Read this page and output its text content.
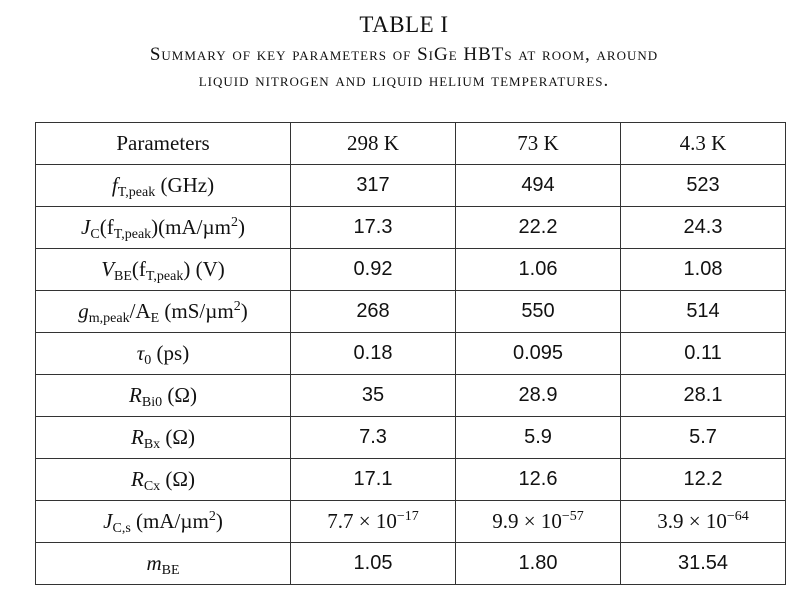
TABLE I
Summary of key parameters of SiGe HBTs at room, around
liquid nitrogen and liquid helium temperatures.
Parameters	298 K	73 K	4.3 K
$f_{T,peak}$ (GHz)	317	494	523
$J_C(f_{T,peak})(mA/\mu m^2)$	17.3	22.2	24.3
$V_{BE}(f_{T,peak})$ (V)	0.92	1.06	1.08
$g_{m,peak}/A_E$ (mS/µm$^2$)	268	550	514
$\tau_0$ (ps)	0.18	0.095	0.11
$R_{Bi0}$ (Ω)	35	28.9	28.1
$R_{Bx}$ (Ω)	7.3	5.9	5.7
$R_{Cx}$ (Ω)	17.1	12.6	12.2
$J_{C,s}$ (mA/µm$^2$)	$7.7 \times 10^{-17}$	$9.9 \times 10^{-57}$	$3.9 \times 10^{-64}$
$m_{BE}$	1.05	1.80	31.54
